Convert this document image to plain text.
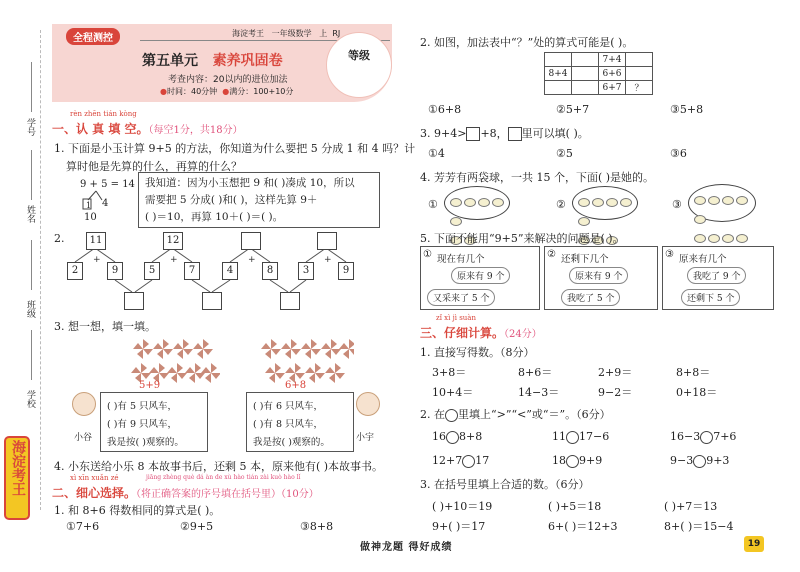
学号
姓名
班级
学校
海淀考王
全程测控	海淀考王 一年级数学 上 RJ
第五单元 素养巩固卷
考查内容：20以内的进位加法
●时间：40分钟 ●满分：100+10分
等级
rèn zhēn tián kòng
一、认 真 填 空。（每空1分，共18分）
1. 下面是小玉计算 9+5 的方法，你知道为什么要把 5 分成 1 和 4 吗？计
算时他是先算的什么，再算的什么？
9 + 5 = 14
1 4
10
我知道：因为小玉想把 9 和( )凑成 10，所以
需要把 5 分成( )和( )，这样先算 9＋
( )＝10，再算 10＋( )＝( )。
2.
+	+	+	+
11	12
2	9	5	7	4	8	3	9
3. 想一想，填一填。
小谷	小宇
5+9
( )有 5 只风车，
( )有 9 只风车，
我是按( )观察的。
6+8
( )有 6 只风车，
( )有 8 只风车，
我是按( )观察的。
4. 小东送给小乐 8 本故事书后，还剩 5 本，原来他有( )本故事书。
xì xīn xuǎn zé	jiāng zhèng què dá àn de xù hào tián zài kuò hào lǐ
二、细心选择。（将正确答案的序号填在括号里）（10分）
1. 和 8+6 得数相同的算式是( )。
①7+6	②9+5	③8+8
2. 如图，加法表中“？”处的算式可能是( )。
		7+4	
8+4		6+6	
		6+7	？
①6+8	②5+7	③5+8
3. 9+4> +8， 里可以填( )。
①4	②5	③6
4. 芳芳有两袋球，一共 15 个，下面( )是她的。
①	②	③

5. 下面不能用“9+5”来解决的问题是( )。
① 现在有几个
原来有 9 个
又采来了 5 个
② 还剩下几个
原来有 9 个
我吃了 5 个
③ 原来有几个
我吃了 9 个
还剩下 5 个
zǐ xì jì suàn
三、仔细计算。（24分）
1. 直接写得数。（8分）
3+8＝	8+6＝	2+9＝	8+8＝
10+4＝	14−3＝	9−2＝	0+18＝
2. 在 里填上“>”“<”或“＝”。（6分）
16 8+8	11 17−6	16−3 7+6
12+7 17	18 9+9	9−3 9+3
3. 在括号里填上合适的数。（6分）
( )+10＝19	( )+5＝18	( )+7＝13
9+( )＝17	6+( )＝12+3	8+( )＝15−4
做神龙题 得好成绩	19
